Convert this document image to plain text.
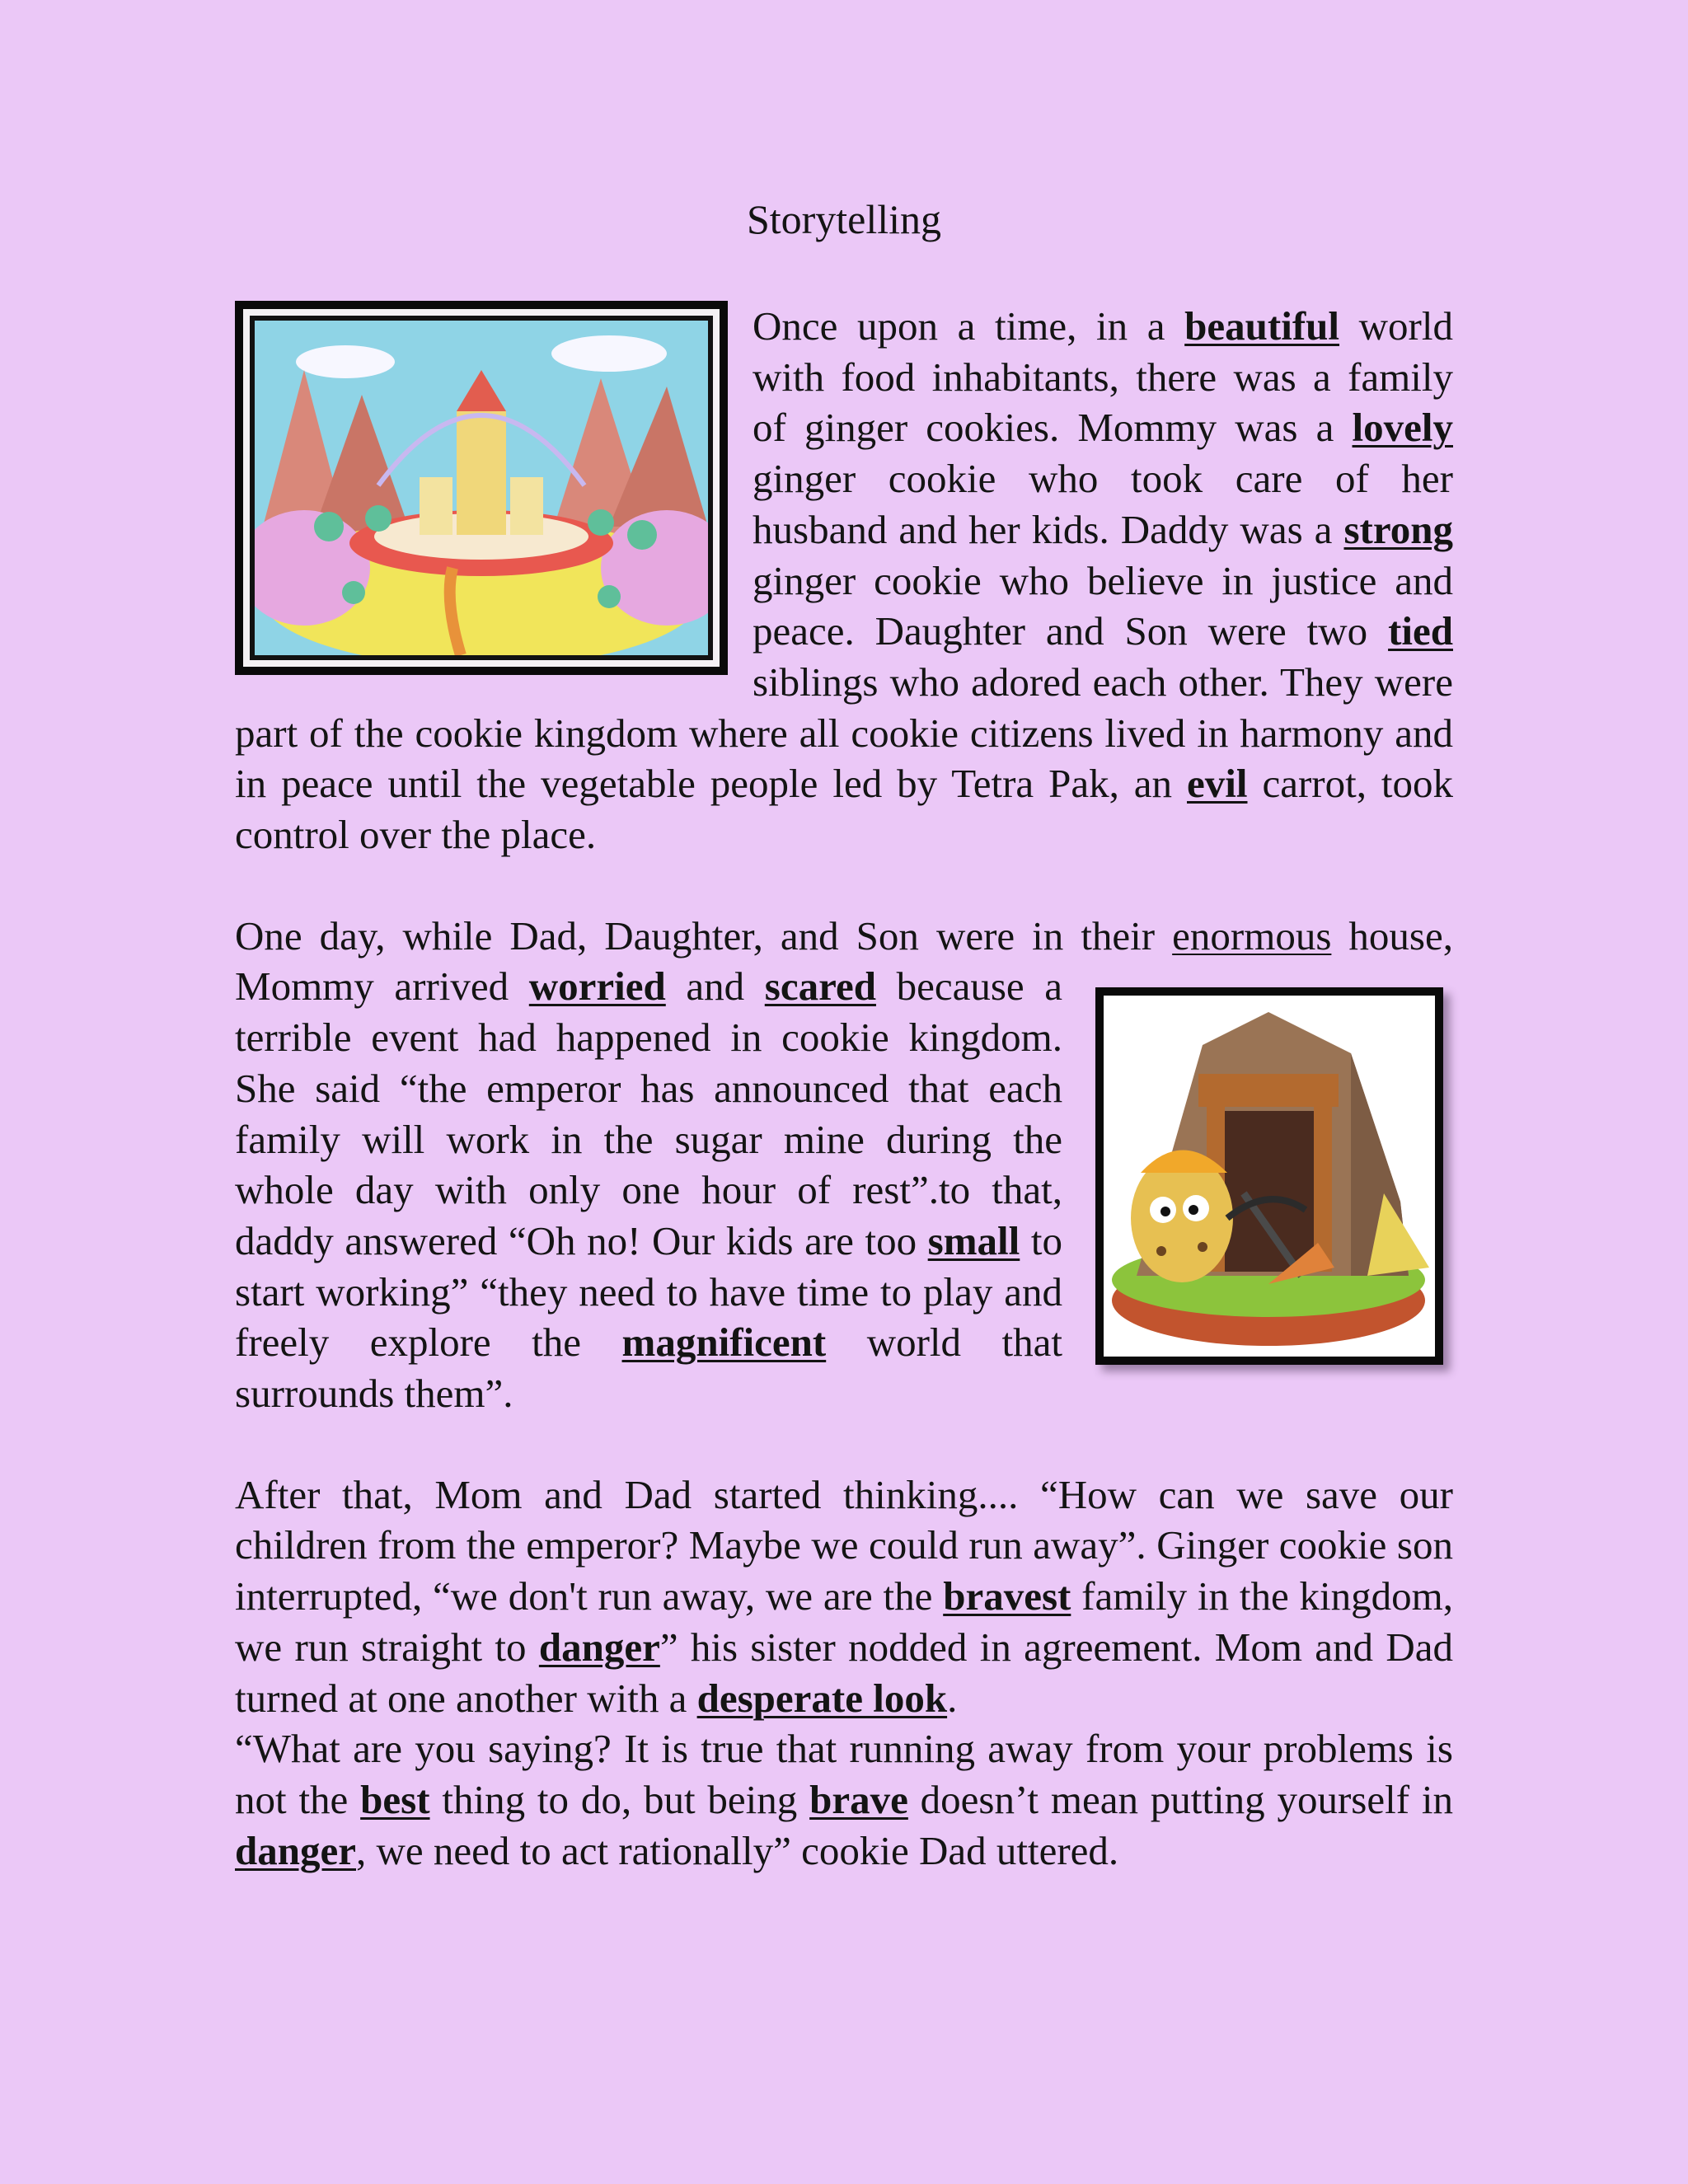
Storytelling

Once upon a time, in a beautiful world with food inhabitants, there was a family of ginger cookies. Mommy was a lovely ginger cookie who took care of her husband and her kids. Daddy was a strong ginger cookie who believe in justice and peace. Daughter and Son were two tied siblings who adored each other. They were part of the cookie kingdom where all cookie citizens lived in harmony and in peace until the vegetable people led by Tetra Pak, an evil carrot, took control over the place.

One day, while Dad, Daughter, and Son were in their enormous house, Mommy arrived
worried and scared because a terrible event had happened in cookie kingdom. She said “the emperor has announced that each family will work in the sugar mine during the whole day with only one hour of rest”.to that, daddy answered “Oh no! Our kids are too small to start working” “they need to have time to play and freely explore the magnificent world that surrounds them”.

After that, Mom and Dad started thinking.... “How can we save our children from the emperor? Maybe we could run away”. Ginger cookie son interrupted, “we don't run away, we are the bravest family in the kingdom, we run straight to danger” his sister nodded in agreement. Mom and Dad turned at one another with a desperate look.

“What are you saying? It is true that running away from your problems is not the best thing to do, but being brave doesn’t mean putting yourself in danger, we need to act rationally” cookie Dad uttered.
